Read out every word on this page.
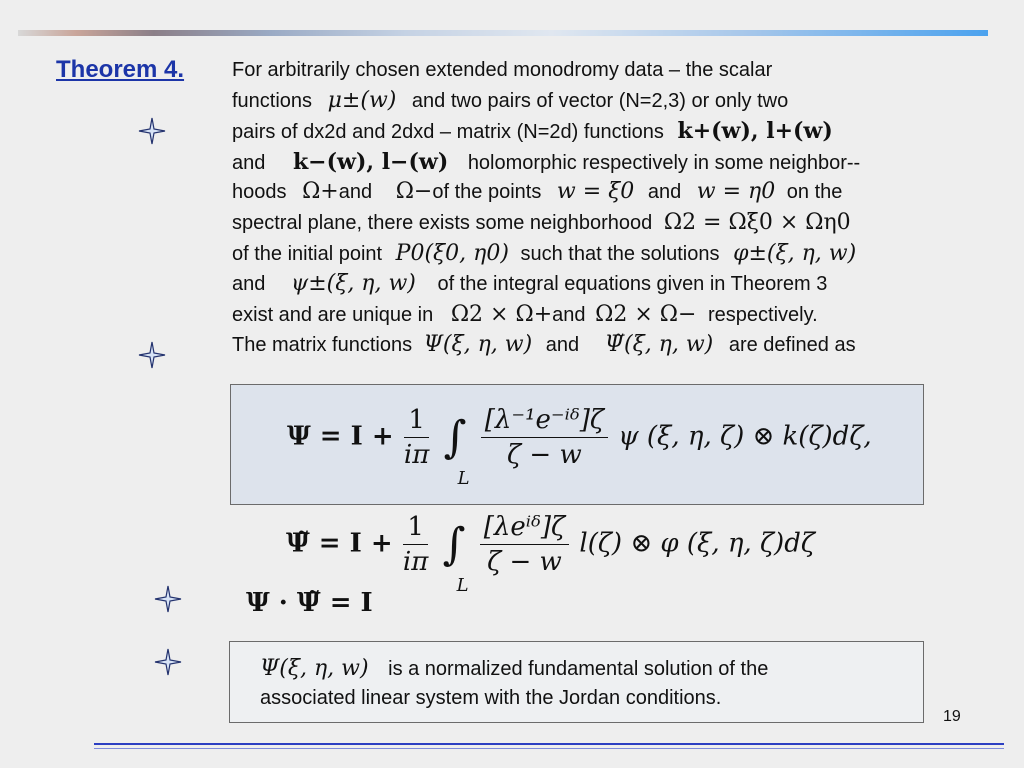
Theorem 4. For arbitrarily chosen extended monodromy data – the scalar
functions μ±(w) and two pairs of vector (N=2,3) or only two
pairs of dx2d and 2dxd – matrix (N=2d) functions k+(w), l+(w)
and k−(w), l−(w) holomorphic respectively in some neighbor--
hoods Ω+and Ω−of the points w = ξ0 and w = η0 on the
spectral plane, there exists some neighborhood Ω2 = Ωξ0 × Ωη0
of the initial point P0(ξ0, η0) such that the solutions φ±(ξ, η, w)
and ψ±(ξ, η, w) of the integral equations given in Theorem 3
exist and are unique in Ω2 × Ω+and Ω2 × Ω− respectively.
The matrix functions Ψ(ξ, η, w) and Ψ̃(ξ, η, w) are defined as
$\Psi = I + \frac{1}{i\pi}$ ∫
L

$\frac{\text{[λ⁻¹e⁻ⁱᵟ]ζ}}{\zeta - w}$ ψ (ξ, η, ζ) ⊗ k(ζ)dζ,
Ψ̃ = $I + \frac{1}{i\pi}$ ∫
L

$\frac{\text{[λeⁱᵟ]ζ}}{\zeta - w} l(\zeta)$ ⊗ φ (ξ, η, ζ)dζ
Ψ · Ψ̃ = I
Ψ(ξ, η, w) is a normalized fundamental solution of the
associated linear system with the Jordan conditions.
19
